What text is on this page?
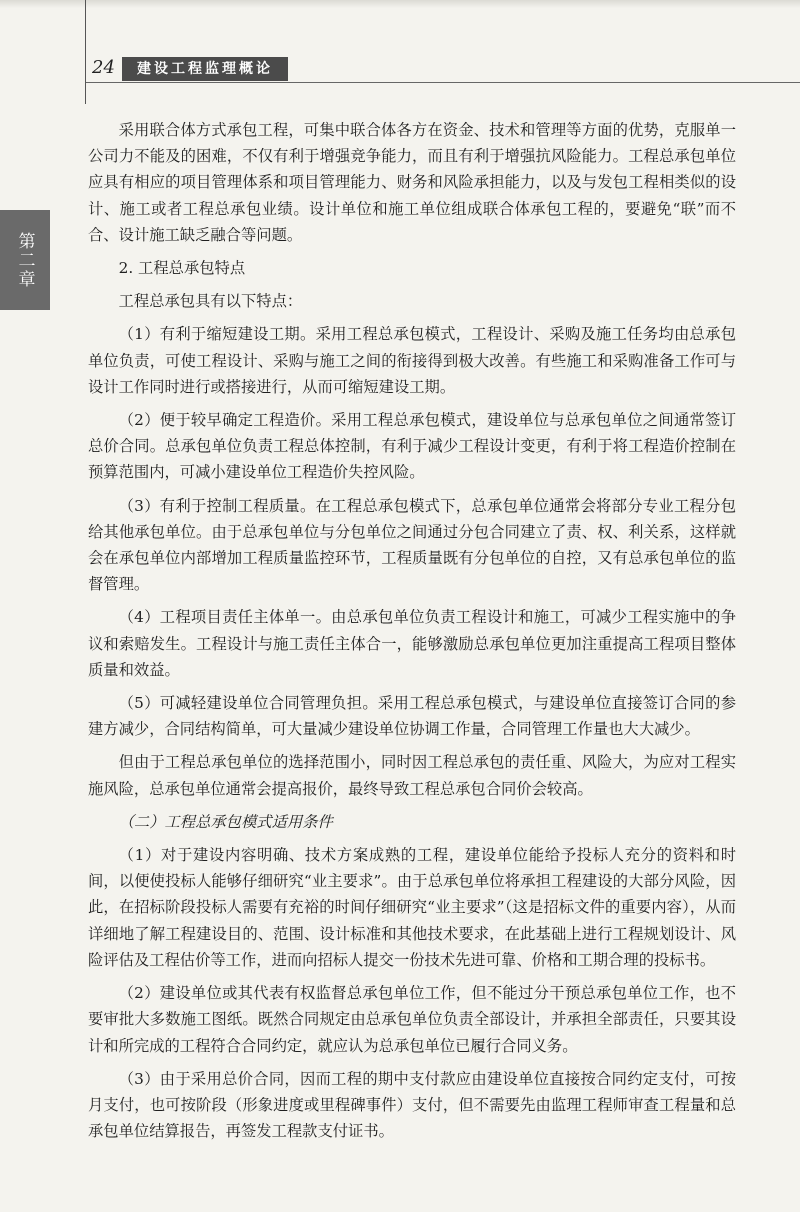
24	建设工程监理概论
第二章

采用联合体方式承包工程，可集中联合体各方在资金、技术和管理等方面的优势，克服单一公司力不能及的困难，不仅有利于增强竞争能力，而且有利于增强抗风险能力。工程总承包单位应具有相应的项目管理体系和项目管理能力、财务和风险承担能力，以及与发包工程相类似的设计、施工或者工程总承包业绩。设计单位和施工单位组成联合体承包工程的，要避免“联”而不合、设计施工缺乏融合等问题。

2. 工程总承包特点

工程总承包具有以下特点：

（1）有利于缩短建设工期。采用工程总承包模式，工程设计、采购及施工任务均由总承包单位负责，可使工程设计、采购与施工之间的衔接得到极大改善。有些施工和采购准备工作可与设计工作同时进行或搭接进行，从而可缩短建设工期。

（2）便于较早确定工程造价。采用工程总承包模式，建设单位与总承包单位之间通常签订总价合同。总承包单位负责工程总体控制，有利于减少工程设计变更，有利于将工程造价控制在预算范围内，可减小建设单位工程造价失控风险。

（3）有利于控制工程质量。在工程总承包模式下，总承包单位通常会将部分专业工程分包给其他承包单位。由于总承包单位与分包单位之间通过分包合同建立了责、权、利关系，这样就会在承包单位内部增加工程质量监控环节，工程质量既有分包单位的自控，又有总承包单位的监督管理。

（4）工程项目责任主体单一。由总承包单位负责工程设计和施工，可减少工程实施中的争议和索赔发生。工程设计与施工责任主体合一，能够激励总承包单位更加注重提高工程项目整体质量和效益。

（5）可减轻建设单位合同管理负担。采用工程总承包模式，与建设单位直接签订合同的参建方减少，合同结构简单，可大量减少建设单位协调工作量，合同管理工作量也大大减少。

但由于工程总承包单位的选择范围小，同时因工程总承包的责任重、风险大，为应对工程实施风险，总承包单位通常会提高报价，最终导致工程总承包合同价会较高。

（二）工程总承包模式适用条件

（1）对于建设内容明确、技术方案成熟的工程，建设单位能给予投标人充分的资料和时间，以便使投标人能够仔细研究“业主要求”。由于总承包单位将承担工程建设的大部分风险，因此，在招标阶段投标人需要有充裕的时间仔细研究“业主要求”（这是招标文件的重要内容），从而详细地了解工程建设目的、范围、设计标准和其他技术要求，在此基础上进行工程规划设计、风险评估及工程估价等工作，进而向招标人提交一份技术先进可靠、价格和工期合理的投标书。

（2）建设单位或其代表有权监督总承包单位工作，但不能过分干预总承包单位工作，也不要审批大多数施工图纸。既然合同规定由总承包单位负责全部设计，并承担全部责任，只要其设计和所完成的工程符合合同约定，就应认为总承包单位已履行合同义务。

（3）由于采用总价合同，因而工程的期中支付款应由建设单位直接按合同约定支付，可按月支付，也可按阶段（形象进度或里程碑事件）支付，但不需要先由监理工程师审查工程量和总承包单位结算报告，再签发工程款支付证书。
